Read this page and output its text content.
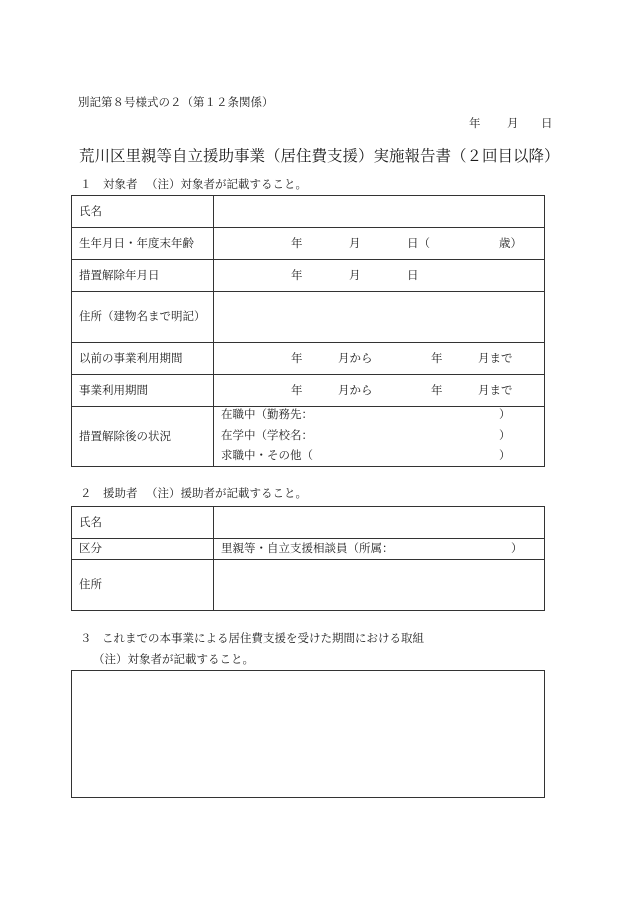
別記第８号様式の２（第１２条関係）
年 月 日
荒川区里親等自立援助事業（居住費支援）実施報告書（２回目以降）
１ 対象者 （注）対象者が記載すること。
氏名
生年月日・年度末年齢	年	月	日（	歳）
措置解除年月日	年	月	日
住所（建物名まで明記）
以前の事業利用期間	年	月から	年	月まで
事業利用期間	年	月から	年	月まで
措置解除後の状況
在職中（勤務先：	）
在学中（学校名：	）
求職中・その他（	）
２ 援助者 （注）援助者が記載すること。
氏名
区分	里親等・自立支援相談員（所属：	）
住所
３ これまでの本事業による居住費支援を受けた期間における取組
（注）対象者が記載すること。
